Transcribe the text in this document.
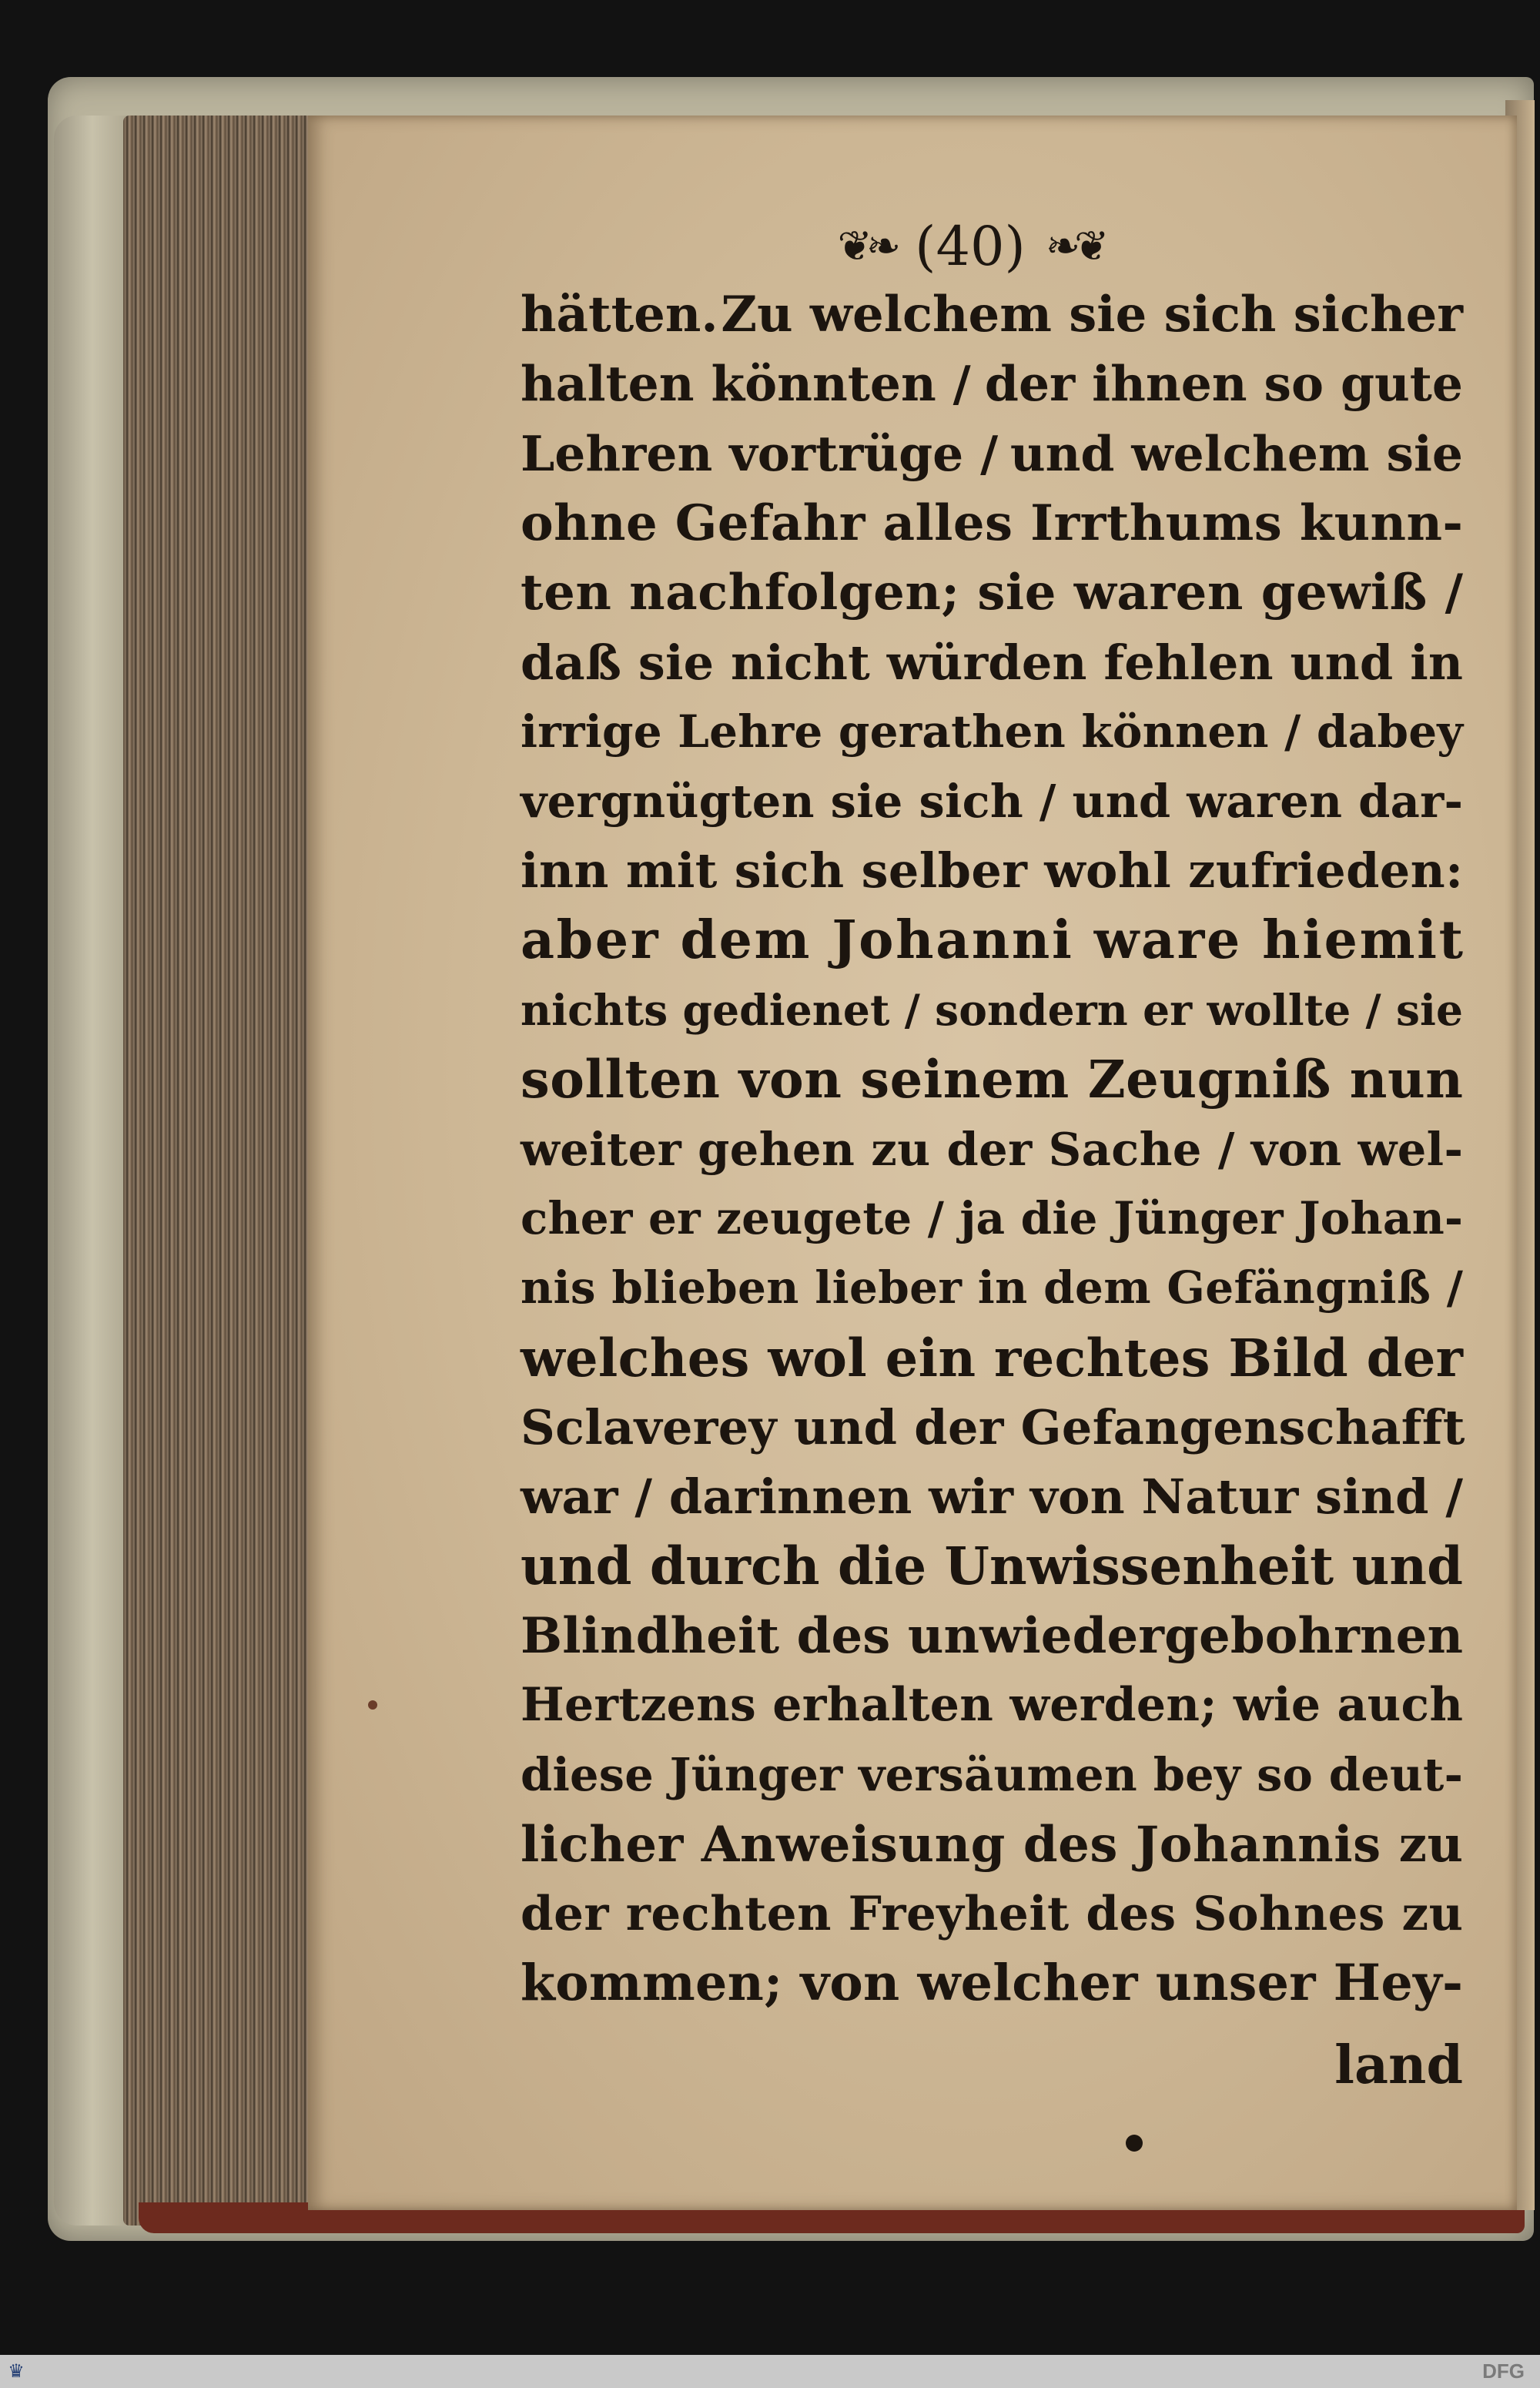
❦❧ (40) ❧❦
hätten. Zu welchem sie sich sicher
halten könnten / der ihnen so gute
Lehren vortrüge / und welchem sie
ohne Gefahr alles Irrthums kunn-
ten nachfolgen; sie waren gewiß /
daß sie nicht würden fehlen und in
irrige Lehre gerathen können / dabey
vergnügten sie sich / und waren dar-
inn mit sich selber wohl zufrieden:
aber dem Johanni ware hiemit
nichts gedienet / sondern er wollte / sie
sollten von seinem Zeugniß nun
weiter gehen zu der Sache / von wel-
cher er zeugete / ja die Jünger Johan-
nis blieben lieber in dem Gefängniß /
welches wol ein rechtes Bild der
Sclaverey und der Gefangenschafft
war / darinnen wir von Natur sind /
und durch die Unwissenheit und
Blindheit des unwiedergebohrnen
Hertzens erhalten werden; wie auch
diese Jünger versäumen bey so deut-
licher Anweisung des Johannis zu
der rechten Freyheit des Sohnes zu
kommen; von welcher unser Hey-
land
♛	DFG
